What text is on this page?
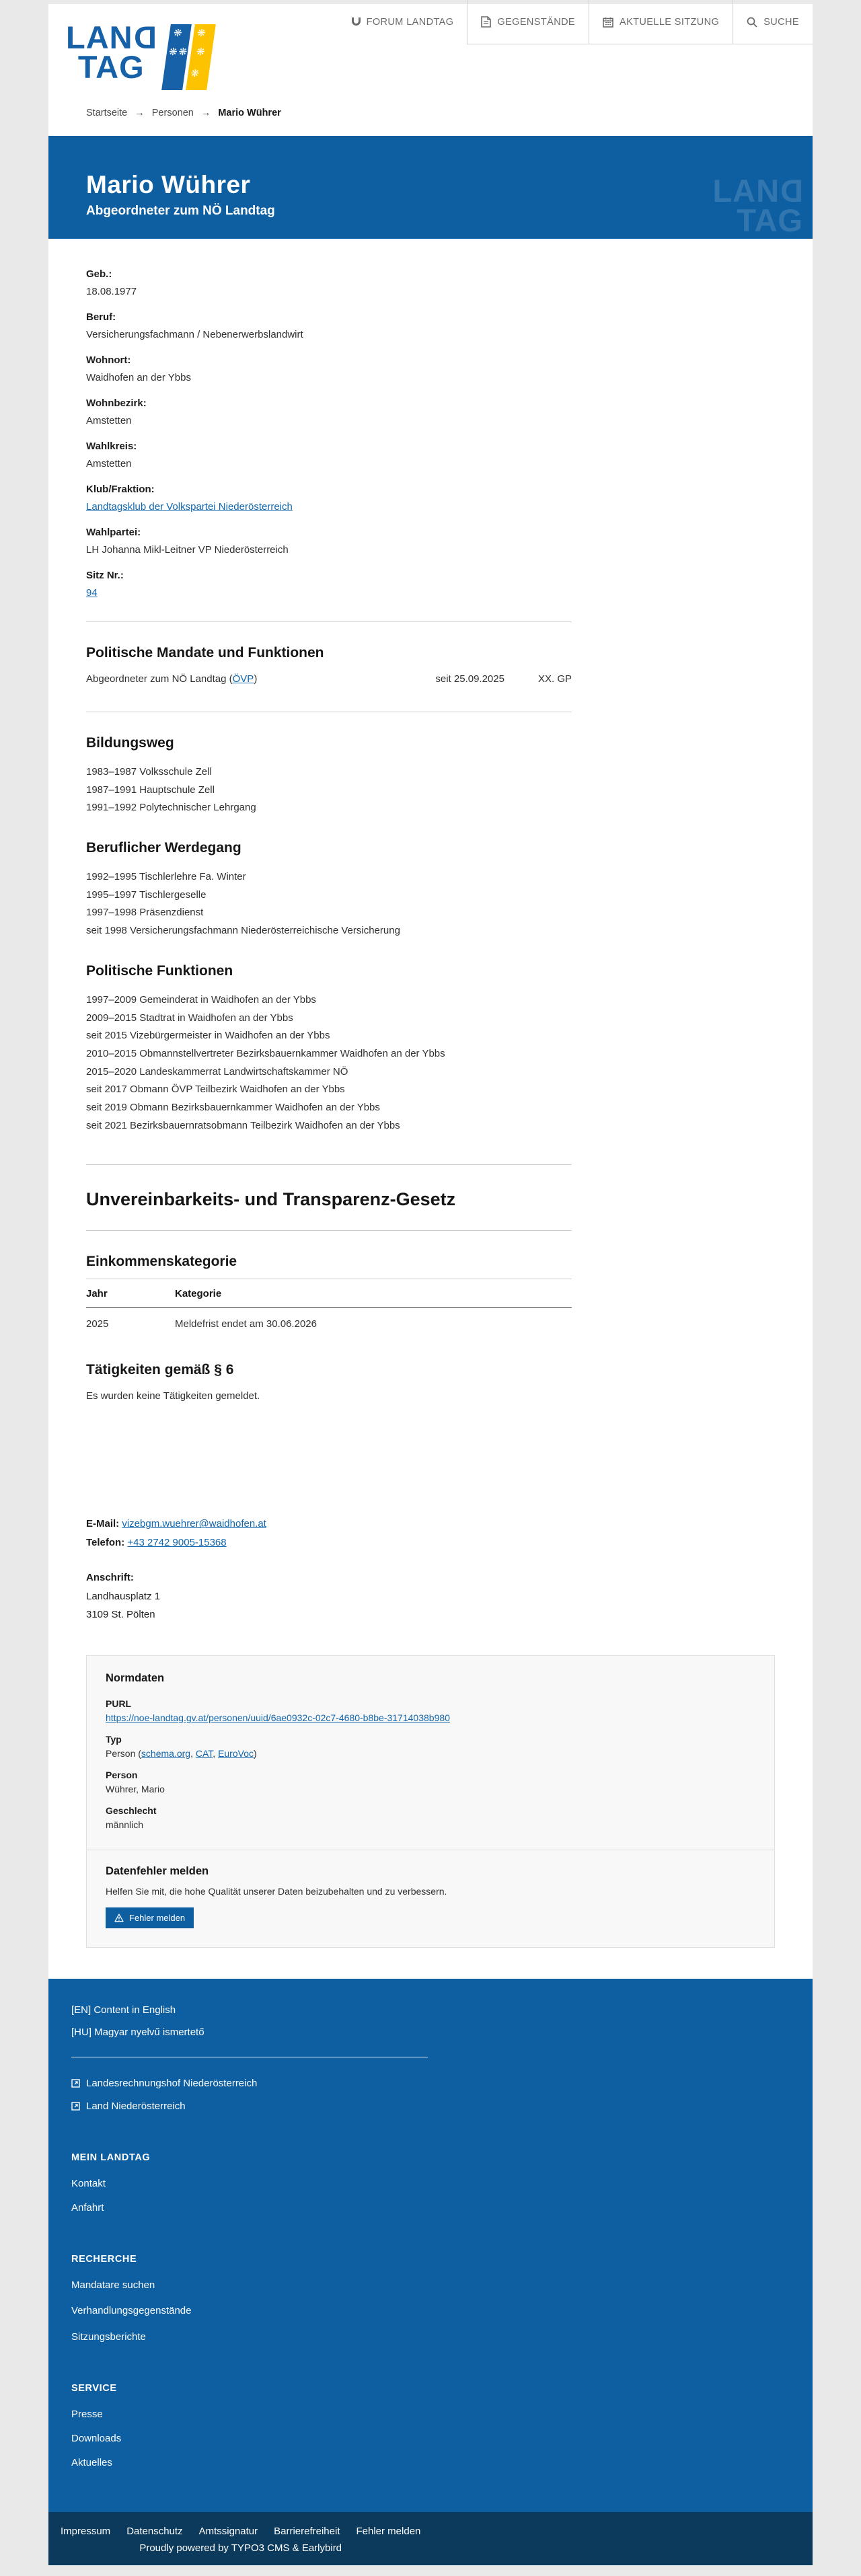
FORUM LANDTAG	GEGENSTÄNDE	AKTUELLE SITZUNG	SUCHE
LAND
TAG
❋
❋ ❋
❋
❋
❋
Startseite → Personen → Mario Wührer
Mario Wührer
Abgeordneter zum NÖ Landtag
LAND
TAG
Geb.:
18.08.1977
Beruf:
Versicherungsfachmann / Nebenerwerbslandwirt
Wohnort:
Waidhofen an der Ybbs
Wohnbezirk:
Amstetten
Wahlkreis:
Amstetten
Klub/Fraktion:
Landtagsklub der Volkspartei Niederösterreich
Wahlpartei:
LH Johanna Mikl-Leitner VP Niederösterreich
Sitz Nr.:
94
Politische Mandate und Funktionen
Abgeordneter zum NÖ Landtag (ÖVP)	seit 25.09.2025	XX. GP
Bildungsweg
1983–1987 Volksschule Zell
1987–1991 Hauptschule Zell
1991–1992 Polytechnischer Lehrgang
Beruflicher Werdegang
1992–1995 Tischlerlehre Fa. Winter
1995–1997 Tischlergeselle
1997–1998 Präsenzdienst
seit 1998 Versicherungsfachmann Niederösterreichische Versicherung
Politische Funktionen
1997–2009 Gemeinderat in Waidhofen an der Ybbs
2009–2015 Stadtrat in Waidhofen an der Ybbs
seit 2015 Vizebürgermeister in Waidhofen an der Ybbs
2010–2015 Obmannstellvertreter Bezirksbauernkammer Waidhofen an der Ybbs
2015–2020 Landeskammerrat Landwirtschaftskammer NÖ
seit 2017 Obmann ÖVP Teilbezirk Waidhofen an der Ybbs
seit 2019 Obmann Bezirksbauernkammer Waidhofen an der Ybbs
seit 2021 Bezirksbauernratsobmann Teilbezirk Waidhofen an der Ybbs
Unvereinbarkeits- und Transparenz-Gesetz
Einkommenskategorie
Jahr	Kategorie
2025	Meldefrist endet am 30.06.2026
Tätigkeiten gemäß § 6

Es wurden keine Tätigkeiten gemeldet.

E-Mail: vizebgm.wuehrer@waidhofen.at
Telefon: +43 2742 9005-15368
Anschrift:
Landhausplatz 1
3109 St. Pölten
Normdaten
PURL
https://noe-landtag.gv.at/personen/uuid/6ae0932c-02c7-4680-b8be-31714038b980
Typ
Person (schema.org, CAT, EuroVoc)
Person
Wührer, Mario
Geschlecht
männlich
Datenfehler melden

Helfen Sie mit, die hohe Qualität unserer Daten beizubehalten und zu verbessern.

Fehler melden
[EN] Content in English
[HU] Magyar nyelvű ismertető
Landesrechnungshof Niederösterreich
Land Niederösterreich
MEIN LANDTAG
Kontakt
Anfahrt
RECHERCHE
Mandatare suchen
Verhandlungsgegenstände
Sitzungsberichte
SERVICE
Presse
Downloads
Aktuelles
Impressum Datenschutz Amtssignatur Barrierefreiheit Fehler melden
Proudly powered by TYPO3 CMS & Earlybird
